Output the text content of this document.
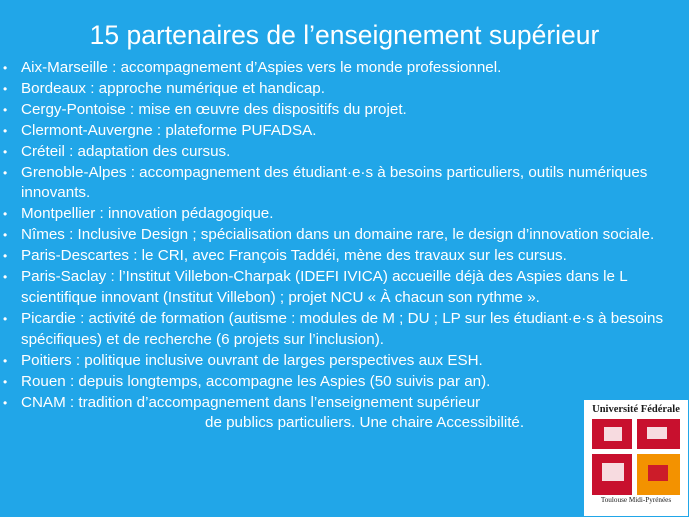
15 partenaires de l’enseignement supérieur
• Aix-Marseille : accompagnement d’Aspies vers le monde professionnel.
• Bordeaux : approche numérique et handicap.
• Cergy-Pontoise : mise en œuvre des dispositifs du projet.
• Clermont-Auvergne : plateforme PUFADSA.
• Créteil : adaptation des cursus.
• Grenoble-Alpes : accompagnement des étudiant·e·s à besoins particuliers, outils numériques innovants.
• Montpellier : innovation pédagogique.
• Nîmes : Inclusive Design ; spécialisation dans un domaine rare, le design d’innovation sociale.
• Paris-Descartes : le CRI, avec François Taddéi, mène des travaux sur les cursus.
• Paris-Saclay : l’Institut Villebon-Charpak (IDEFI IVICA) accueille déjà des Aspies dans le L scientifique innovant (Institut Villebon) ; projet NCU « À chacun son rythme ».
• Picardie : activité de formation (autisme : modules de M ; DU ; LP sur les étudiant·e·s à besoins spécifiques) et de recherche (6 projets sur l’inclusion).
• Poitiers : politique inclusive ouvrant de larges perspectives aux ESH.
• Rouen : depuis longtemps, accompagne les Aspies (50 suivis par an).
• CNAM : tradition d’accompagnement dans l’enseignement supérieur
de publics particuliers. Une chaire Accessibilité.
Université Fédérale
Toulouse Midi-Pyrénées
